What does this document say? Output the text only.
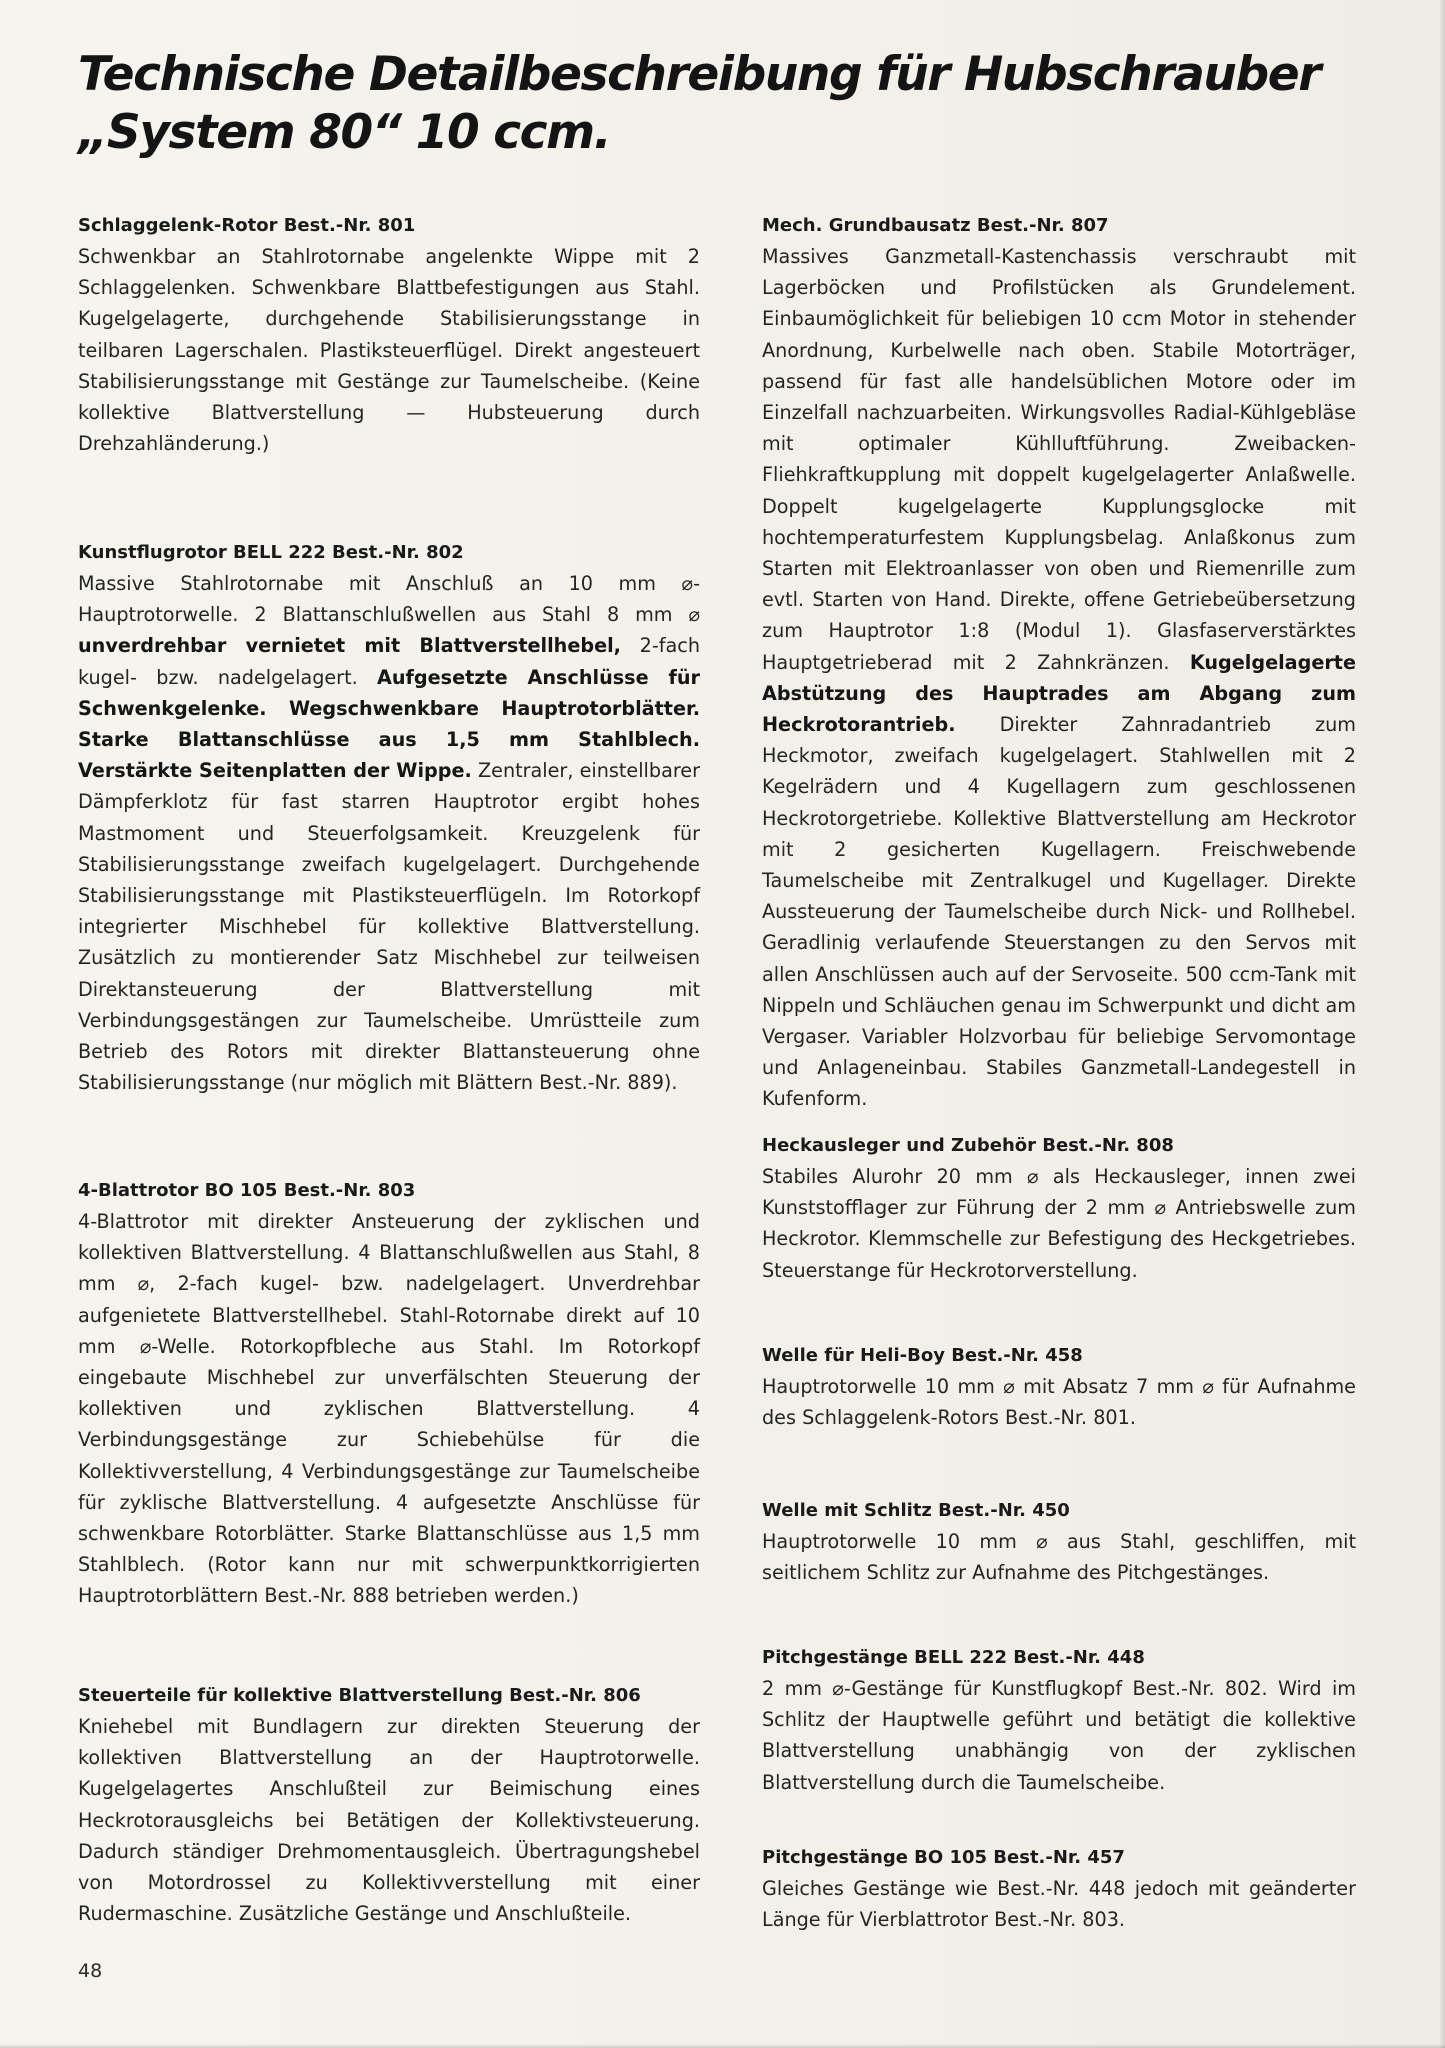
Technische Detailbeschreibung für Hubschrauber
„System 80“ 10 ccm.
Schlaggelenk-Rotor Best.-Nr. 801

Schwenkbar an Stahlrotornabe angelenkte Wippe mit 2 Schlaggelenken. Schwenkbare Blattbefestigungen aus Stahl. Kugelgelagerte, durchgehende Stabilisierungsstange in teilbaren Lagerschalen. Plastiksteuerflügel. Direkt angesteuert Stabilisierungsstange mit Gestänge zur Taumelscheibe. (Keine kollektive Blattverstellung — Hubsteuerung durch Drehzahländerung.)

Kunstflugrotor BELL 222 Best.-Nr. 802

Massive Stahlrotornabe mit Anschluß an 10 mm ⌀-Hauptrotorwelle. 2 Blattanschlußwellen aus Stahl 8 mm ⌀ unverdrehbar vernietet mit Blattverstellhebel, 2-fach kugel- bzw. nadelgelagert. Aufgesetzte Anschlüsse für Schwenkgelenke. Wegschwenkbare Hauptrotorblätter. Starke Blattanschlüsse aus 1,5 mm Stahlblech. Verstärkte Seitenplatten der Wippe. Zentraler, einstellbarer Dämpferklotz für fast starren Hauptrotor ergibt hohes Mastmoment und Steuerfolgsamkeit. Kreuzgelenk für Stabilisierungsstange zweifach kugelgelagert. Durchgehende Stabilisierungsstange mit Plastiksteuerflügeln. Im Rotorkopf integrierter Mischhebel für kollektive Blattverstellung. Zusätzlich zu montierender Satz Mischhebel zur teilweisen Direktansteuerung der Blattverstellung mit Verbindungsgestängen zur Taumelscheibe. Umrüstteile zum Betrieb des Rotors mit direkter Blattansteuerung ohne Stabilisierungsstange (nur möglich mit Blättern Best.-Nr. 889).

4-Blattrotor BO 105 Best.-Nr. 803

4-Blattrotor mit direkter Ansteuerung der zyklischen und kollektiven Blattverstellung. 4 Blattanschlußwellen aus Stahl, 8 mm ⌀, 2-fach kugel- bzw. nadelgelagert. Unverdrehbar aufgenietete Blattverstellhebel. Stahl-Rotornabe direkt auf 10 mm ⌀-Welle. Rotorkopfbleche aus Stahl. Im Rotorkopf eingebaute Mischhebel zur unverfälschten Steuerung der kollektiven und zyklischen Blattverstellung. 4 Verbindungsgestänge zur Schiebehülse für die Kollektivverstellung, 4 Verbindungsgestänge zur Taumelscheibe für zyklische Blattverstellung. 4 aufgesetzte Anschlüsse für schwenkbare Rotorblätter. Starke Blattanschlüsse aus 1,5 mm Stahlblech. (Rotor kann nur mit schwerpunktkorrigierten Hauptrotorblättern Best.-Nr. 888 betrieben werden.)

Steuerteile für kollektive Blattverstellung Best.-Nr. 806

Kniehebel mit Bundlagern zur direkten Steuerung der kollektiven Blattverstellung an der Hauptrotorwelle. Kugelgelagertes Anschlußteil zur Beimischung eines Heckrotorausgleichs bei Betätigen der Kollektivsteuerung. Dadurch ständiger Drehmomentausgleich. Übertragungshebel von Motordrossel zu Kollektivverstellung mit einer Rudermaschine. Zusätzliche Gestänge und Anschlußteile.

Mech. Grundbausatz Best.-Nr. 807

Massives Ganzmetall-Kastenchassis verschraubt mit Lagerböcken und Profilstücken als Grundelement. Einbaumöglichkeit für beliebigen 10 ccm Motor in stehender Anordnung, Kurbelwelle nach oben. Stabile Motorträger, passend für fast alle handelsüblichen Motore oder im Einzelfall nachzuarbeiten. Wirkungsvolles Radial-Kühlgebläse mit optimaler Kühlluftführung. Zweibacken-Fliehkraftkupplung mit doppelt kugelgelagerter Anlaßwelle. Doppelt kugelgelagerte Kupplungsglocke mit hochtemperaturfestem Kupplungsbelag. Anlaßkonus zum Starten mit Elektroanlasser von oben und Riemenrille zum evtl. Starten von Hand. Direkte, offene Getriebeübersetzung zum Hauptrotor 1:8 (Modul 1). Glasfaserverstärktes Hauptgetrieberad mit 2 Zahnkränzen. Kugelgelagerte Abstützung des Hauptrades am Abgang zum Heckrotorantrieb. Direkter Zahnradantrieb zum Heckmotor, zweifach kugelgelagert. Stahlwellen mit 2 Kegelrädern und 4 Kugellagern zum geschlossenen Heckrotorgetriebe. Kollektive Blattverstellung am Heckrotor mit 2 gesicherten Kugellagern. Freischwebende Taumelscheibe mit Zentralkugel und Kugellager. Direkte Aussteuerung der Taumelscheibe durch Nick- und Rollhebel. Geradlinig verlaufende Steuerstangen zu den Servos mit allen Anschlüssen auch auf der Servoseite. 500 ccm-Tank mit Nippeln und Schläuchen genau im Schwerpunkt und dicht am Vergaser. Variabler Holzvorbau für beliebige Servomontage und Anlageneinbau. Stabiles Ganzmetall-Landegestell in Kufenform.

Heckausleger und Zubehör Best.-Nr. 808

Stabiles Alurohr 20 mm ⌀ als Heckausleger, innen zwei Kunststofflager zur Führung der 2 mm ⌀ Antriebswelle zum Heckrotor. Klemmschelle zur Befestigung des Heckgetriebes. Steuerstange für Heckrotorverstellung.

Welle für Heli-Boy Best.-Nr. 458

Hauptrotorwelle 10 mm ⌀ mit Absatz 7 mm ⌀ für Aufnahme des Schlaggelenk-Rotors Best.-Nr. 801.

Welle mit Schlitz Best.-Nr. 450

Hauptrotorwelle 10 mm ⌀ aus Stahl, geschliffen, mit seitlichem Schlitz zur Aufnahme des Pitchgestänges.

Pitchgestänge BELL 222 Best.-Nr. 448

2 mm ⌀-Gestänge für Kunstflugkopf Best.-Nr. 802. Wird im Schlitz der Hauptwelle geführt und betätigt die kollektive Blattverstellung unabhängig von der zyklischen Blattverstellung durch die Taumelscheibe.

Pitchgestänge BO 105 Best.-Nr. 457

Gleiches Gestänge wie Best.-Nr. 448 jedoch mit geänderter Länge für Vierblattrotor Best.-Nr. 803.

48
